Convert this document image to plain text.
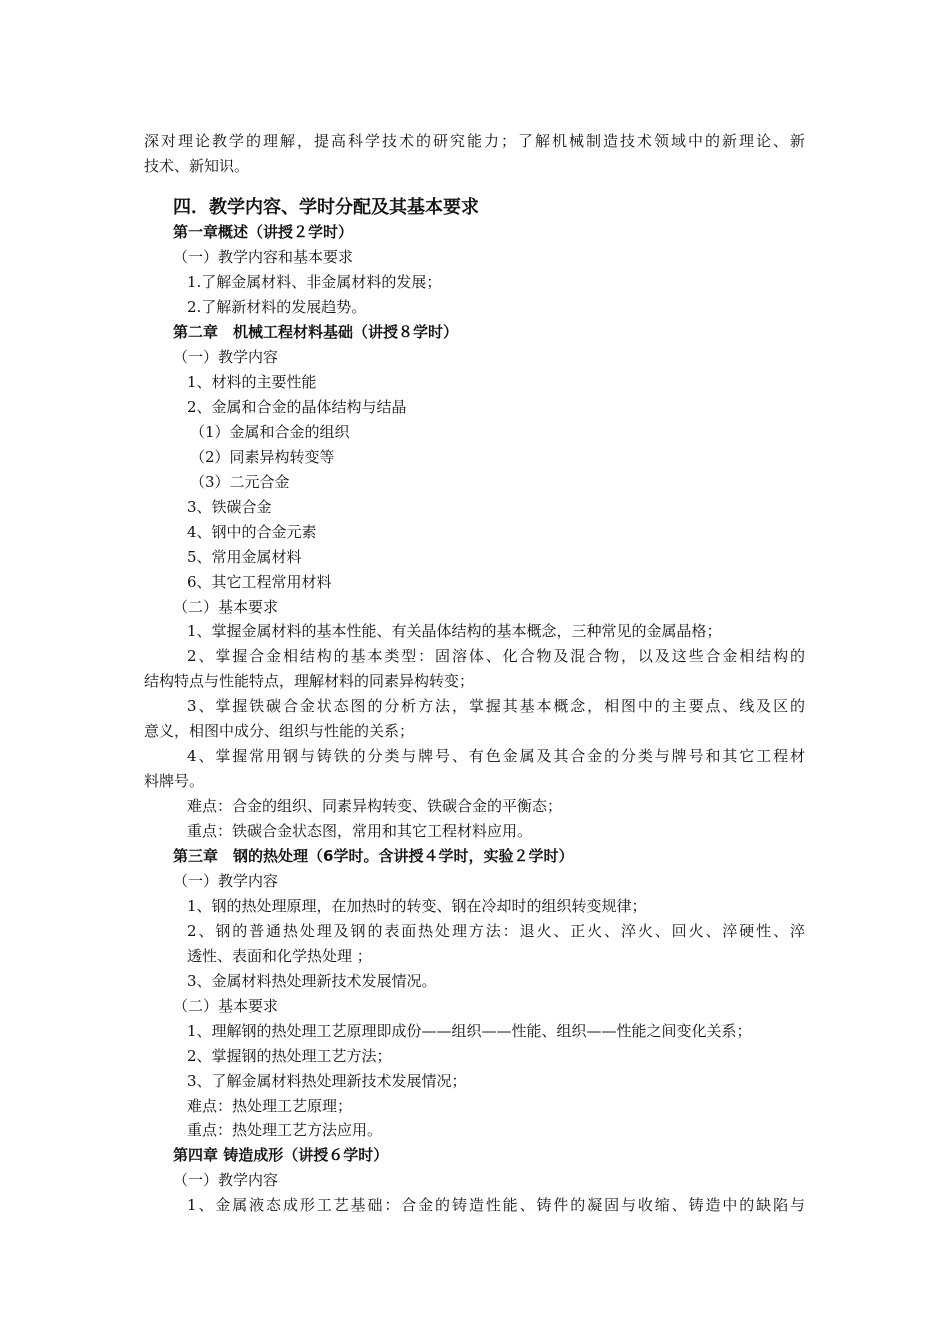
深对理论教学的理解，提高科学技术的研究能力；了解机械制造技术领域中的新理论、新
技术、新知识。
四．教学内容、学时分配及其基本要求
第一章概述（讲授２学时）
（一）教学内容和基本要求
1.了解金属材料、非金属材料的发展；
2.了解新材料的发展趋势。
第二章　机械工程材料基础（讲授８学时）
（一）教学内容
1、材料的主要性能
2、金属和合金的晶体结构与结晶
（1）金属和合金的组织
（2）同素异构转变等
（3）二元合金
3、铁碳合金
4、钢中的合金元素
5、常用金属材料
6、其它工程常用材料
（二）基本要求
1、掌握金属材料的基本性能、有关晶体结构的基本概念，三种常见的金属晶格；
2、掌握合金相结构的基本类型：固溶体、化合物及混合物，以及这些合金相结构的
结构特点与性能特点，理解材料的同素异构转变；
3、掌握铁碳合金状态图的分析方法，掌握其基本概念，相图中的主要点、线及区的
意义，相图中成分、组织与性能的关系；
4、掌握常用钢与铸铁的分类与牌号、有色金属及其合金的分类与牌号和其它工程材
料牌号。
难点：合金的组织、同素异构转变、铁碳合金的平衡态；
重点：铁碳合金状态图，常用和其它工程材料应用。
第三章　钢的热处理（6学时。含讲授４学时，实验２学时）
（一）教学内容
1、钢的热处理原理，在加热时的转变、钢在冷却时的组织转变规律；
2、钢的普通热处理及钢的表面热处理方法：退火、正火、淬火、回火、淬硬性、淬
透性、表面和化学热处理 ；
3、金属材料热处理新技术发展情况。
（二）基本要求
1、理解钢的热处理工艺原理即成份——组织——性能、组织——性能之间变化关系；
2、掌握钢的热处理工艺方法；
3、了解金属材料热处理新技术发展情况；
难点：热处理工艺原理；
重点：热处理工艺方法应用。
第四章 铸造成形（讲授６学时）
（一）教学内容
1、金属液态成形工艺基础：合金的铸造性能、铸件的凝固与收缩、铸造中的缺陷与
